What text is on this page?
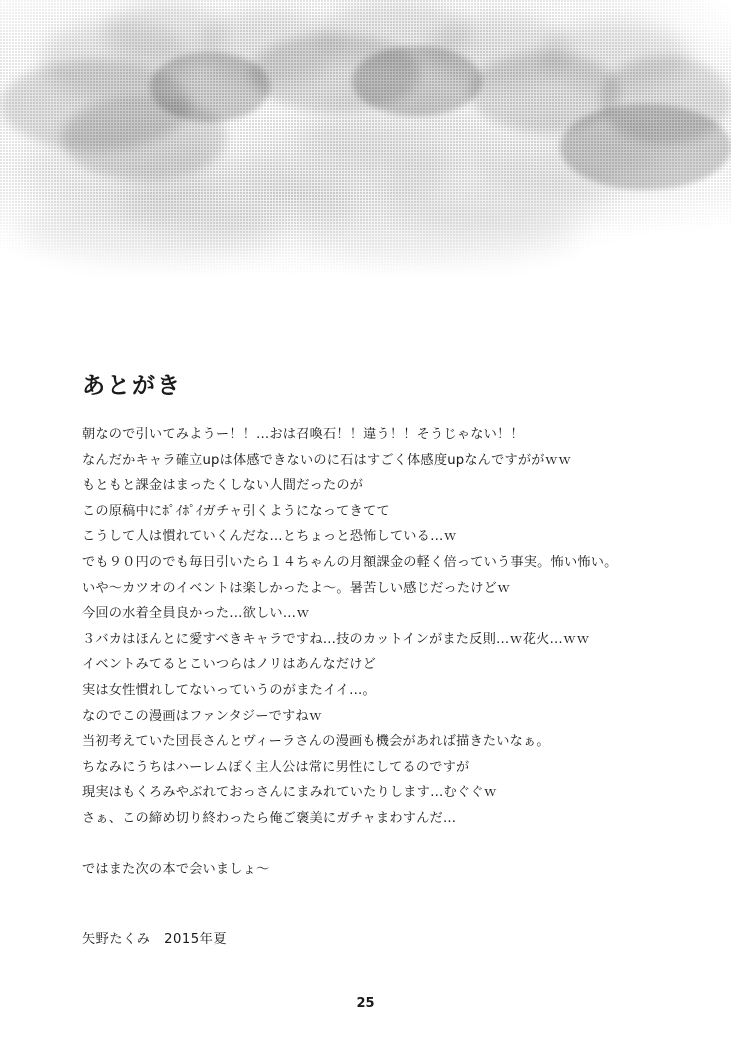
あとがき

朝なので引いてみようー！！…おは召喚石！！違う！！そうじゃない！！

なんだかキャラ確立upは体感できないのに石はすごく体感度upなんですががｗｗ

もともと課金はまったくしない人間だったのが

この原稿中にﾎﾟｲﾎﾟｲガチャ引くようになってきてて

こうして人は慣れていくんだな…とちょっと恐怖している…ｗ

でも９０円のでも毎日引いたら１４ちゃんの月額課金の軽く倍っていう事実。怖い怖い。

いや～カツオのイベントは楽しかったよ～。暑苦しい感じだったけどｗ

今回の水着全員良かった…欲しい…ｗ

３バカはほんとに愛すべきキャラですね…技のカットインがまた反則…ｗ花火…ｗｗ

イベントみてるとこいつらはノリはあんなだけど

実は女性慣れしてないっていうのがまたイイ…。

なのでこの漫画はファンタジーですねｗ

当初考えていた団長さんとヴィーラさんの漫画も機会があれば描きたいなぁ。

ちなみにうちはハーレムぽく主人公は常に男性にしてるのですが

現実はもくろみやぶれておっさんにまみれていたりします…むぐぐｗ

さぁ、この締め切り終わったら俺ご褒美にガチャまわすんだ…

ではまた次の本で会いましょ～

矢野たくみ　2015年夏
25
